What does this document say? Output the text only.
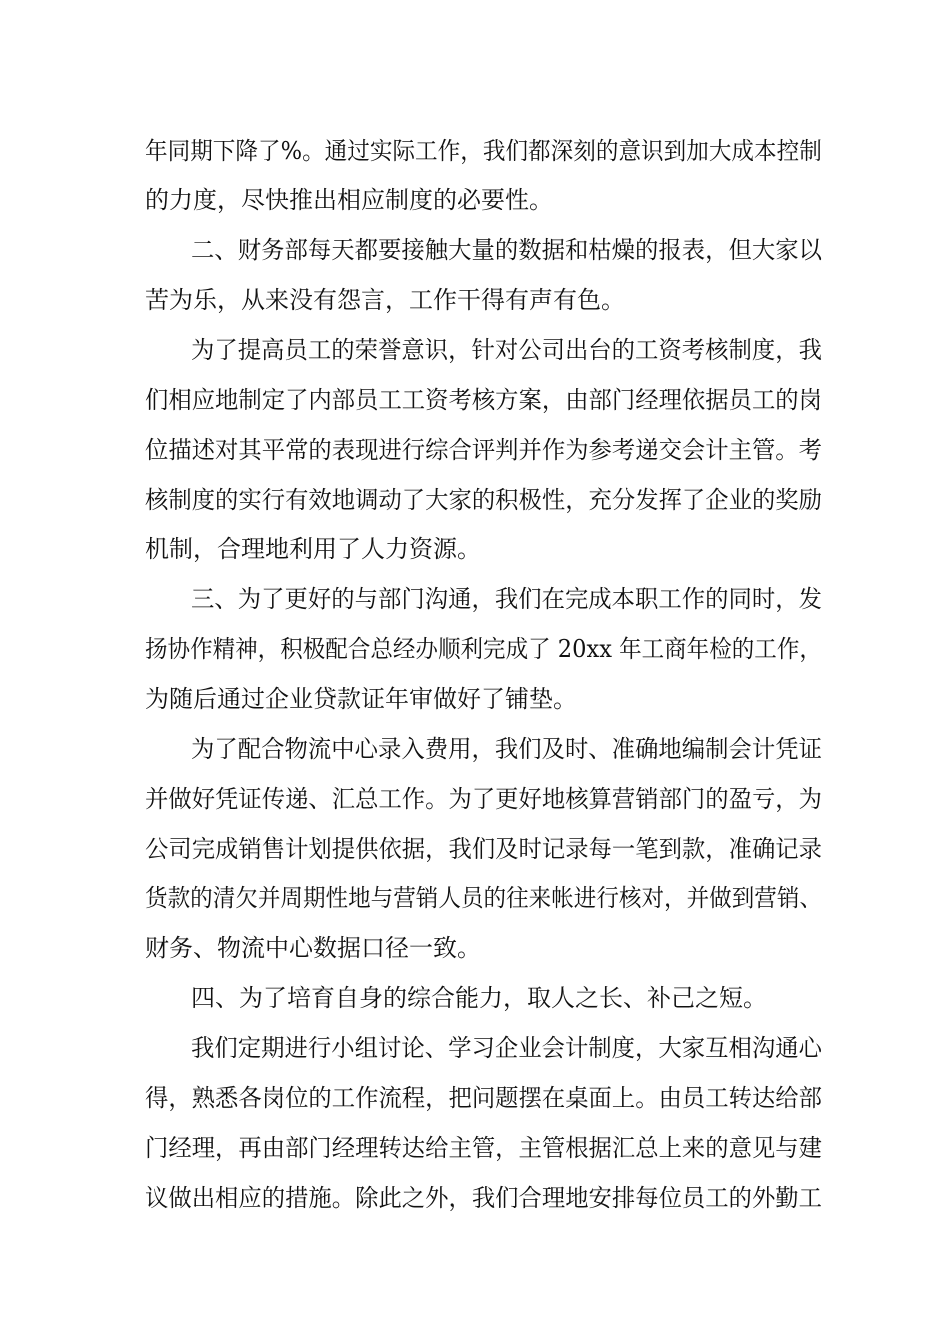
年同期下降了%。通过实际工作，我们都深刻的意识到加大成本控制
的力度，尽快推出相应制度的必要性。
二、财务部每天都要接触大量的数据和枯燥的报表，但大家以
苦为乐，从来没有怨言，工作干得有声有色。
为了提高员工的荣誉意识，针对公司出台的工资考核制度，我
们相应地制定了内部员工工资考核方案，由部门经理依据员工的岗
位描述对其平常的表现进行综合评判并作为参考递交会计主管。考
核制度的实行有效地调动了大家的积极性，充分发挥了企业的奖励
机制，合理地利用了人力资源。
三、为了更好的与部门沟通，我们在完成本职工作的同时，发
扬协作精神，积极配合总经办顺利完成了 20xx 年工商年检的工作，
为随后通过企业贷款证年审做好了铺垫。
为了配合物流中心录入费用，我们及时、准确地编制会计凭证
并做好凭证传递、汇总工作。为了更好地核算营销部门的盈亏，为
公司完成销售计划提供依据，我们及时记录每一笔到款，准确记录
货款的清欠并周期性地与营销人员的往来帐进行核对，并做到营销、
财务、物流中心数据口径一致。
四、为了培育自身的综合能力，取人之长、补己之短。
我们定期进行小组讨论、学习企业会计制度，大家互相沟通心
得，熟悉各岗位的工作流程，把问题摆在桌面上。由员工转达给部
门经理，再由部门经理转达给主管，主管根据汇总上来的意见与建
议做出相应的措施。除此之外，我们合理地安排每位员工的外勤工
